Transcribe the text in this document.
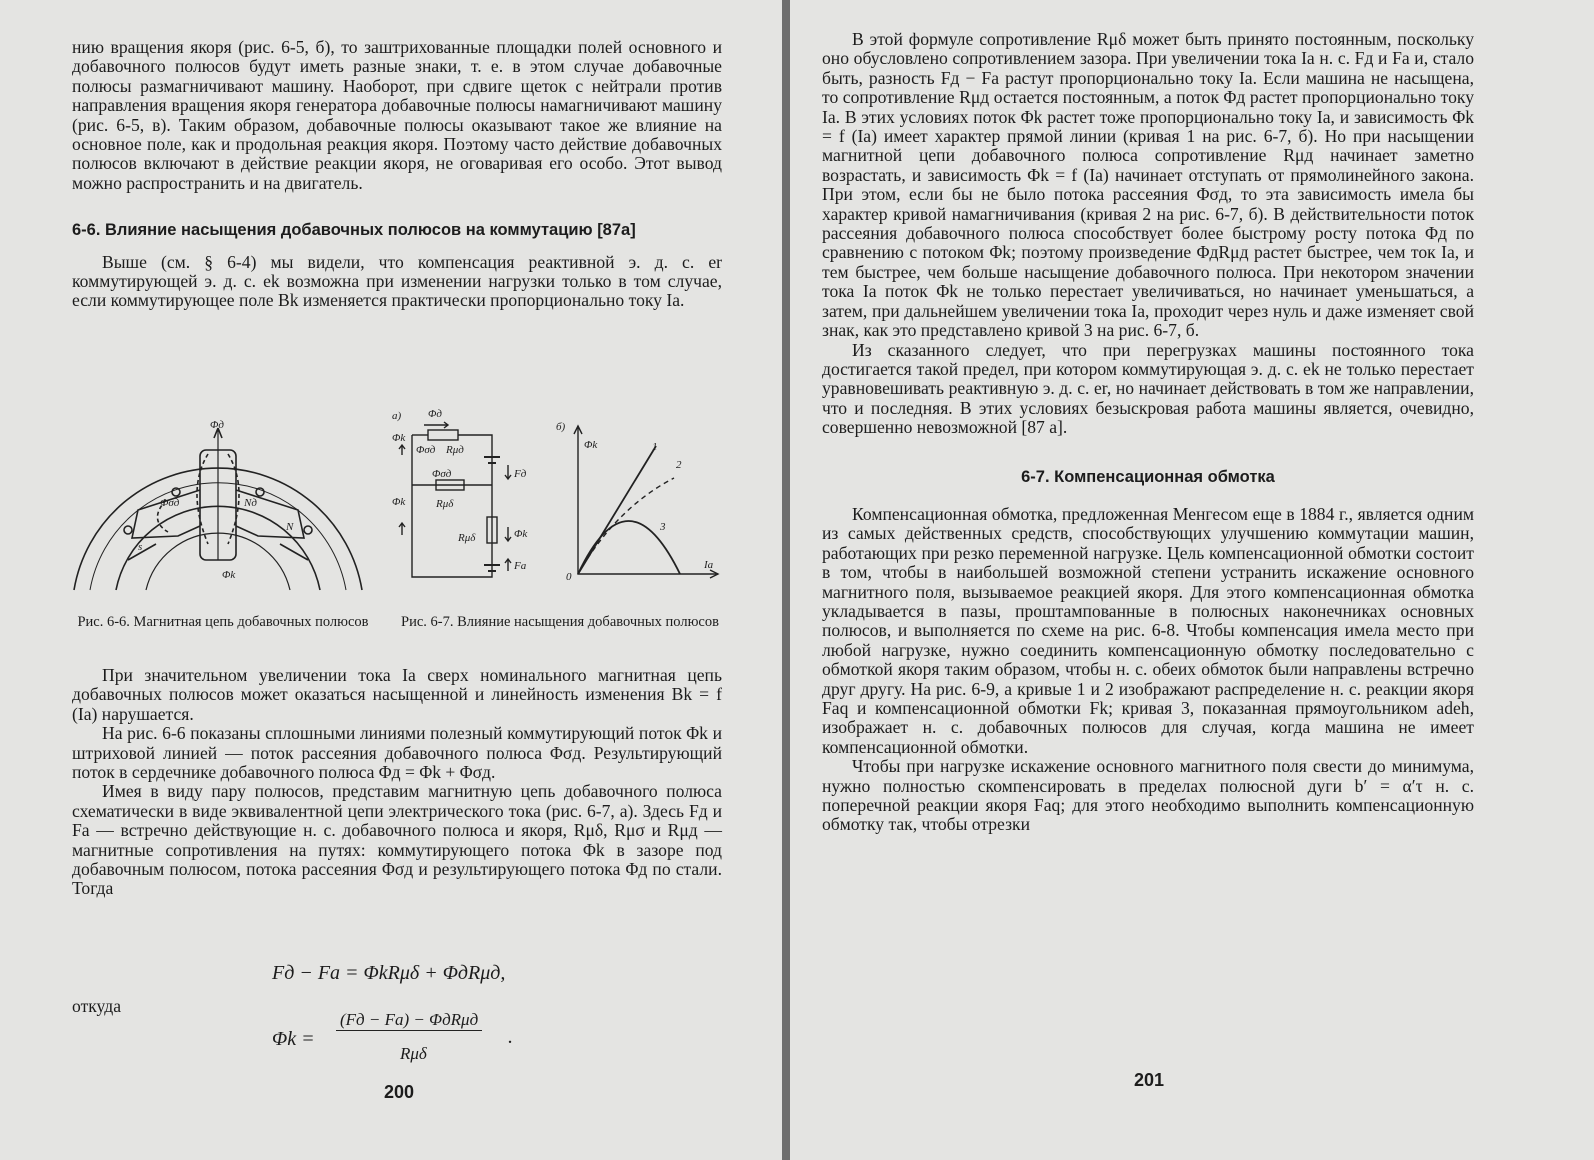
нию вращения якоря (рис. 6-5, б), то заштрихованные площадки полей основного и добавочного полюсов будут иметь разные знаки, т. е. в этом случае добавочные полюсы размагничивают машину. Наоборот, при сдвиге щеток с нейтрали против направления вращения якоря генератора добавочные полюсы намагничивают машину (рис. 6-5, в). Таким образом, добавочные полюсы оказывают такое же влияние на основное поле, как и продольная реакция якоря. Поэтому часто действие добавочных полюсов включают в действие реакции якоря, не оговаривая его особо. Этот вывод можно распространить и на двигатель.

6-6. Влияние насыщения добавочных полюсов на коммутацию [87а]

Выше (см. § 6-4) мы видели, что компенсация реактивной э. д. с. er коммутирующей э. д. с. ek возможна при изменении нагрузки только в том случае, если коммутирующее поле Bk изменяется практически пропорционально току Ia.

Φд
Φσд	Nд
s
N
Φk
а) Φд
Φk
Φσд Rμд
Fд
Φσд
Rμδ
Φk
Rμδ
Fa
Φk
б)
Φk	1
2
3
0
Ia
Рис. 6-6. Магнитная цепь добавочных полюсов	Рис. 6-7. Влияние насыщения добавочных полюсов

При значительном увеличении тока Ia сверх номинального магнитная цепь добавочных полюсов может оказаться насыщенной и линейность изменения Bk = f (Ia) нарушается.

На рис. 6-6 показаны сплошными линиями полезный коммутирующий поток Φk и штриховой линией — поток рассеяния добавочного полюса Φσд. Результирующий поток в сердечнике добавочного полюса Φд = Φk + Φσд.

Имея в виду пару полюсов, представим магнитную цепь добавочного полюса схематически в виде эквивалентной цепи электрического тока (рис. 6-7, а). Здесь Fд и Fa — встречно действующие н. с. добавочного полюса и якоря, Rμδ, Rμσ и Rμд — магнитные сопротивления на путях: коммутирующего потока Φk в зазоре под добавочным полюсом, потока рассеяния Φσд и результирующего потока Φд по стали. Тогда

Fд − Fa = ΦkRμδ + ΦдRμд,
откуда
Φk =
(Fд − Fa) − ΦдRμд
Rμδ
.
200

В этой формуле сопротивление Rμδ может быть принято постоянным, поскольку оно обусловлено сопротивлением зазора. При увеличении тока Ia н. с. Fд и Fa и, стало быть, разность Fд − Fa растут пропорционально току Ia. Если машина не насыщена, то сопротивление Rμд остается постоянным, а поток Φд растет пропорционально току Ia. В этих условиях поток Φk растет тоже пропорционально току Ia, и зависимость Φk = f (Ia) имеет характер прямой линии (кривая 1 на рис. 6-7, б). Но при насыщении магнитной цепи добавочного полюса сопротивление Rμд начинает заметно возрастать, и зависимость Φk = f (Ia) начинает отступать от прямолинейного закона. При этом, если бы не было потока рассеяния Φσд, то эта зависимость имела бы характер кривой намагничивания (кривая 2 на рис. 6-7, б). В действительности поток рассеяния добавочного полюса способствует более быстрому росту потока Φд по сравнению с потоком Φk; поэтому произведение ΦдRμд растет быстрее, чем ток Ia, и тем быстрее, чем больше насыщение добавочного полюса. При некотором значении тока Ia поток Φk не только перестает увеличиваться, но начинает уменьшаться, а затем, при дальнейшем увеличении тока Ia, проходит через нуль и даже изменяет свой знак, как это представлено кривой 3 на рис. 6-7, б.

Из сказанного следует, что при перегрузках машины постоянного тока достигается такой предел, при котором коммутирующая э. д. с. ek не только перестает уравновешивать реактивную э. д. с. er, но начинает действовать в том же направлении, что и последняя. В этих условиях безыскровая работа машины является, очевидно, совершенно невозможной [87 а].

6-7. Компенсационная обмотка

Компенсационная обмотка, предложенная Менгесом еще в 1884 г., является одним из самых действенных средств, способствующих улучшению коммутации машин, работающих при резко переменной нагрузке. Цель компенсационной обмотки состоит в том, чтобы в наибольшей возможной степени устранить искажение основного магнитного поля, вызываемое реакцией якоря. Для этого компенсационная обмотка укладывается в пазы, проштампованные в полюсных наконечниках основных полюсов, и выполняется по схеме на рис. 6-8. Чтобы компенсация имела место при любой нагрузке, нужно соединить компенсационную обмотку последовательно с обмоткой якоря таким образом, чтобы н. с. обеих обмоток были направлены встречно друг другу. На рис. 6-9, а кривые 1 и 2 изображают распределение н. с. реакции якоря Faq и компенсационной обмотки Fk; кривая 3, показанная прямоугольником adeh, изображает н. с. добавочных полюсов для случая, когда машина не имеет компенсационной обмотки.

Чтобы при нагрузке искажение основного магнитного поля свести до минимума, нужно полностью скомпенсировать в пределах полюсной дуги b′ = α′τ н. с. поперечной реакции якоря Faq; для этого необходимо выполнить компенсационную обмотку так, чтобы отрезки

201
